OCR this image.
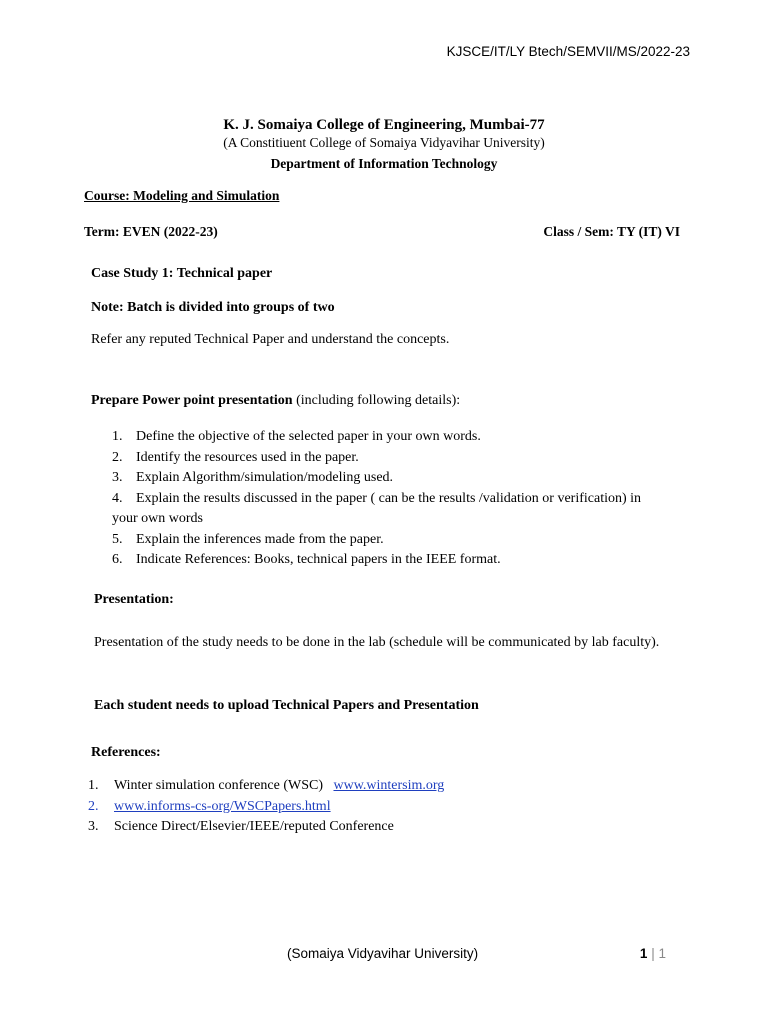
KJSCE/IT/LY Btech/SEMVII/MS/2022-23
K. J. Somaiya College of Engineering, Mumbai-77
(A Constitiuent College of Somaiya Vidyavihar University)
Department of Information Technology
Course: Modeling and Simulation
Term: EVEN (2022-23)	Class / Sem: TY (IT) VI
Case Study 1: Technical paper
Note: Batch is divided into groups of two
Refer any reputed Technical Paper and understand the concepts.
Prepare Power point presentation (including following details):
1. Define the objective of the selected paper in your own words.
2. Identify the resources used in the paper.
3. Explain Algorithm/simulation/modeling used.
4. Explain the results discussed in the paper ( can be the results /validation or verification) in
your own words
5. Explain the inferences made from the paper.
6. Indicate References: Books, technical papers in the IEEE format.
Presentation:
Presentation of the study needs to be done in the lab (schedule will be communicated by lab faculty).
Each student needs to upload Technical Papers and Presentation
References:
1. Winter simulation conference (WSC) www.wintersim.org
2. www.informs-cs-org/WSCPapers.html
3. Science Direct/Elsevier/IEEE/reputed Conference
(Somaiya Vidyavihar University)	1 | 1
